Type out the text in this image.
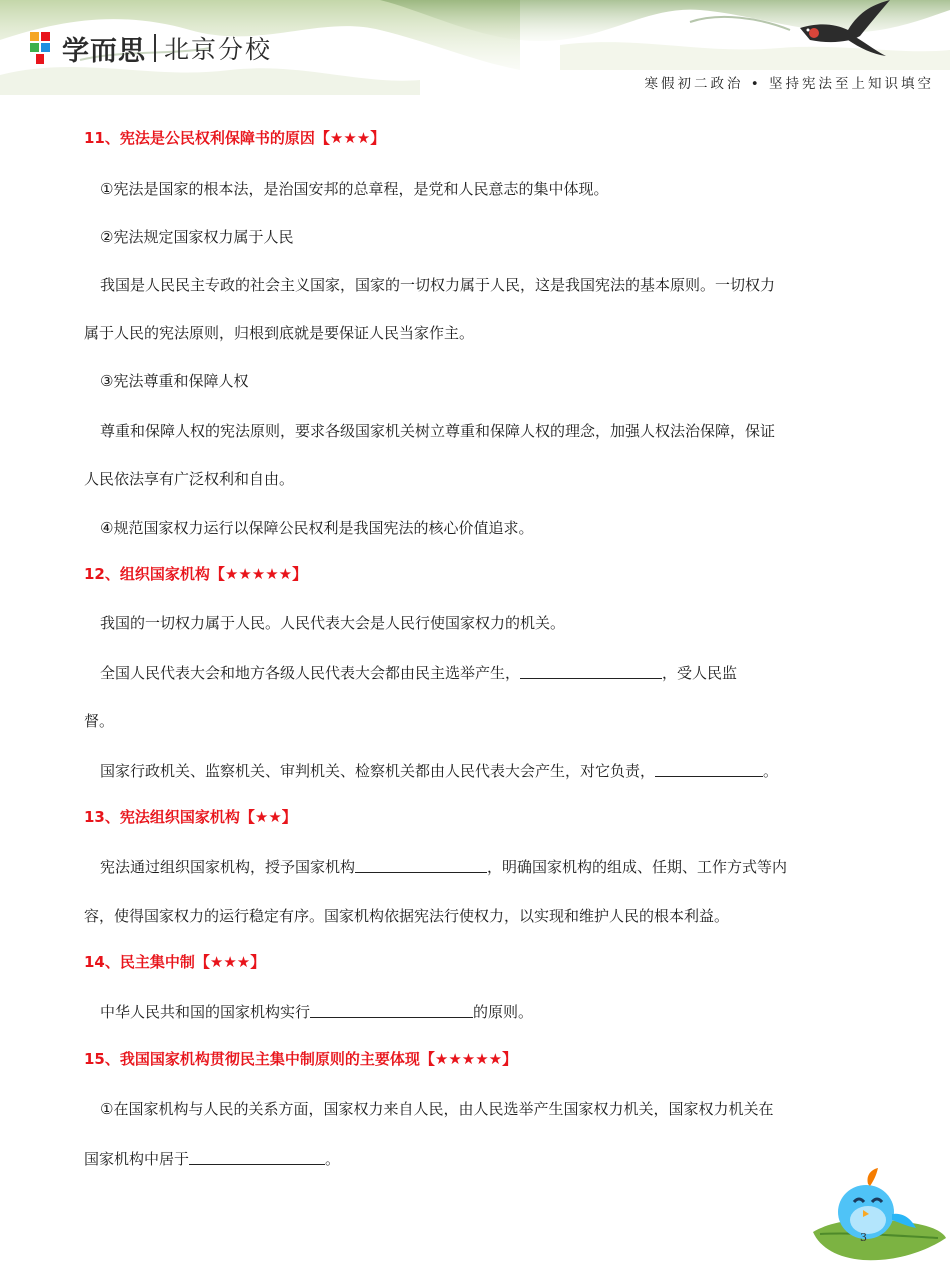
学而思 北京分校
寒假初二政治 • 坚持宪法至上知识填空
11、宪法是公民权利保障书的原因【★★★】
①宪法是国家的根本法，是治国安邦的总章程，是党和人民意志的集中体现。
②宪法规定国家权力属于人民
我国是人民民主专政的社会主义国家，国家的一切权力属于人民，这是我国宪法的基本原则。一切权力
属于人民的宪法原则，归根到底就是要保证人民当家作主。
③宪法尊重和保障人权
尊重和保障人权的宪法原则，要求各级国家机关树立尊重和保障人权的理念，加强人权法治保障，保证
人民依法享有广泛权利和自由。
④规范国家权力运行以保障公民权利是我国宪法的核心价值追求。
12、组织国家机构【★★★★★】
我国的一切权力属于人民。人民代表大会是人民行使国家权力的机关。
全国人民代表大会和地方各级人民代表大会都由民主选举产生，	，受人民监
督。
国家行政机关、监察机关、审判机关、检察机关都由人民代表大会产生，对它负责，	。
13、宪法组织国家机构【★★】
宪法通过组织国家机构，授予国家机构	，明确国家机构的组成、任期、工作方式等内
容，使得国家权力的运行稳定有序。国家机构依据宪法行使权力，以实现和维护人民的根本利益。
14、民主集中制【★★★】
中华人民共和国的国家机构实行	的原则。
15、我国国家机构贯彻民主集中制原则的主要体现【★★★★★】
①在国家机构与人民的关系方面，国家权力来自人民，由人民选举产生国家权力机关，国家权力机关在
国家机构中居于	。
3
